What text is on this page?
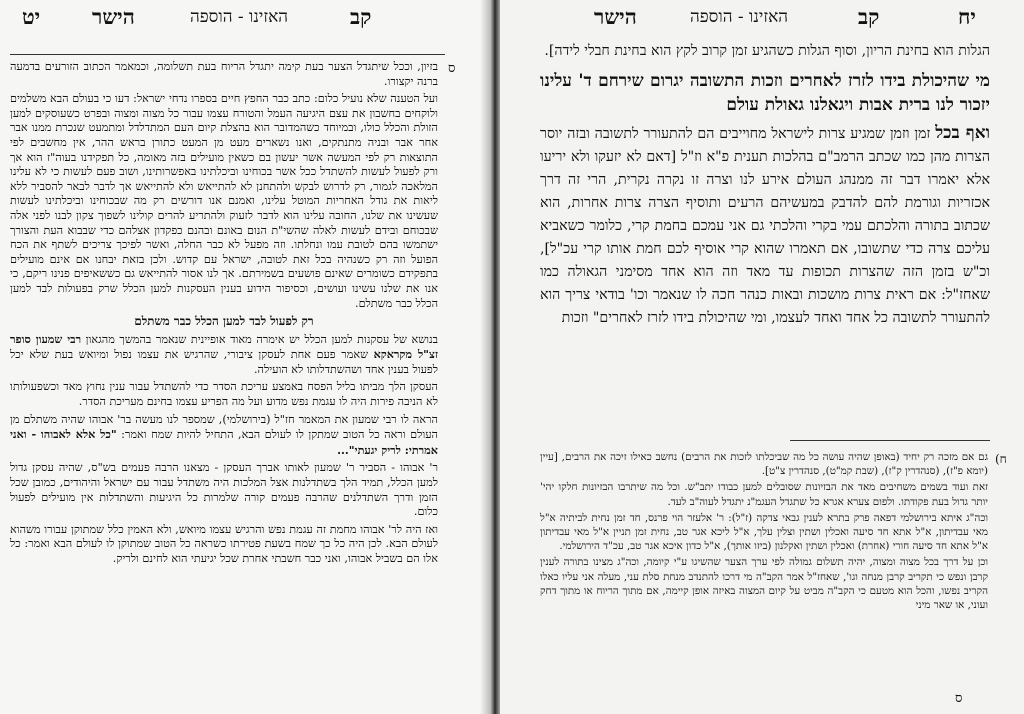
יט הישר	האזינו - הוספה	קב
ס

בזיון, וככל שיתגדל הצער בעת קימה יתגדל הריוח בעת תשלומה, וכמאמר הכתוב הזורעים בדמעה ברנה יקצורו.

ועל הטענה שלא נועיל כלום: כתב כבר החפץ חיים בספרו נדחי ישראל: דעו כי בעולם הבא משלמים ולוקחים בחשבון את עצם היגיעה העמל והטורח עצמו עבור כל מצוה ומצוה ובפרט כשעוסקים למען הזולת והכלל כולו, ובמיוחד כשהמדובר הוא בהצלת קיום העם המתדלדל ומתמעט שנכרת ממנו אבר אחר אבר ובניה מתנתקים, ואנו נשארים מעט מן המעט כתורן בראש ההר, אין מחשבים לפי התוצאות רק לפי המעשה אשר יעשון בם כשאין מועילים בזה מאומה, כל תפקידנו בעוה"ז הוא אך ורק לפעול לעשות להשתדל ככל אשר בכוחינו וביכלתינו באפשרותינו, ושוב פעם לעשות כי לא עלינו המלאכה לגמור, רק לדרוש לבקש ולהתחנן לא להתייאש ולא להתייאש אך לדבר לבאר להסביר ללא ליאות את גודל האחריות המוטל עלינו, ואמנם אנו דורשים רק מה שבכוחינו וביכלתינו לעשות שעשינו את שלנו, החובה עלינו הוא לדבר לזעוק ולהתריע להרים קולינו לשפוך צקון לבנו לפני אלה שבכוחם ובידם לעשות לאלה שהשי"ת הנום באונם ובהנם כפקדון אצלהם כדי שבבוא העת והצורך ישתמשו בהם לטובת עמו ונחלתו. וזה מפעל לא כבר החלה, ואשר לפיכך צריכים לשתף את הכח הפועל וזה רק כשנהיה בכל זאת לטובה, ישראל עם קדוש. ולכן בזאת יבחנו אם אינם מועילים בתפקידם כשומרים שאינם פושעים בשמירתם. אך לנו אסור להתייאש גם כששאיפים פנינו ריקם, כי אנו את שלנו עשינו ועושים, וכסיפור הידוע בענין העסקנות למען הכלל שרק בפעולות לבד למען הכלל כבר משתלם.

רק לפעול לבד למען הכלל כבר משתלם

בנושא של עסקנות למען הכלל יש אימרה מאוד אופיינית שנאמר בהמשך מהגאון רבי שמעון סופר זצ"ל מקראקא שאמר פעם אחת לעסקן ציבורי, שהרגיש את עצמו נפול ומיואש בעת שלא יכל לפעול בענין אחד ושהשתדלותו לא הועילה.

העסקן הלך מביתו בליל הפסח באמצע עריכת הסדר כדי להשתדל עבור ענין נחוץ מאד וכשפעולותו לא הניבה פירות היה לו עגמת נפש מדוע ועל מה הפריע עצמו בחינם מעריכת הסדר.

הראה לו רבי שמעון את המאמר חז"ל (בירושלמי), שמספר לנו מעשה בר' אבוהו שהיה משתלם מן העולם וראה כל הטוב שמתקן לו לעולם הבא, התחיל להיות שמח ואמר: "כל אלא לאבוהו - ואני אמרתי: לריק יגעתי"...

ר' אבוהו - הסביר ר' שמעון לאותו אברך העסקן - מצאנו הרבה פעמים בש"ס, שהיה עסקן גדול למען הכלל, תמיד הלך בשתדלנות אצל המלכות היה משתדל עבור עם ישראל והיהודים, כמובן שכל הזמן ודרך השתדלנים שהרבה פעמים קורה שלמרות כל היגיעות והשתדלות אין מועילים לפעול כלום.

ואז היה לר' אבוהו מחמת זה עגמת נפש והרגיש עצמו מיואש, ולא האמין כלל שמתוקן עבורו משהוא לעולם הבא. לכן היה כל כך שמח בשעת פטירתו כשראה כל הטוב שמתוקן לו לעולם הבא ואמר: כל אלו הם בשביל אבוהו, ואני כבר חשבתי אחרת שכל יגיעתי הוא לחינם ולריק.

הישר	האזינו - הוספה	קב	יח

הגלות הוא בחינת הריון, וסוף הגלות כשהגיע זמן קרוב לקץ הוא בחינת חבלי לידה].

מי שהיכולת בידו לזרז לאחרים וזכות התשובה יגרום שירחם ד' עלינו יזכור לנו ברית אבות ויגאלנו גאולת עולם

ואף בכל זמן וזמן שמגיע צרות לישראל מחוייבים הם להתעורר לתשובה ובזה יוסר הצרות מהן כמו שכתב הרמב"ם בהלכות תענית פ"א וז"ל [דאם לא יזעקו ולא יריעו אלא יאמרו דבר זה ממנהג העולם אירע לנו וצרה זו נקרה נקרית, הרי זה דרך אכזריות וגורמת להם להדבק במעשיהם הרעים ותוסיף הצרה צרות אחרות, הוא שכתוב בתורה והלכתם עמי בקרי והלכתי גם אני עמכם בחמת קרי, כלומר כשאביא עליכם צרה כדי שתשובו, אם תאמרו שהוא קרי אוסיף לכם חמת אותו קרי עכ"ל], וכ"ש בזמן הזה שהצרות תכופות עד מאד וזה הוא אחד מסימני הגאולה כמו שאחז"ל: אם ראית צרות מושכות ובאות כנהר חכה לו שנאמר וכו' בודאי צריך הוא להתעורר לתשובה כל אחד ואחד לעצמו, ומי שהיכולת בידו לזרז לאחרים" וזכות

ח)

גם אם מזכה רק יחיד (באופן שהיה עושה כל מה שביכלתו לזכות את הרבים) נחשב כאילו זיכה את הרבים, [עיין (יומא פ"ז), (סנהדרין ק"ז), (שבת קמ"ט), סנהדרין צ"ט].

זאת ועוד בשמים משחיבים מאד את הבזיונות שסובלים למען כבודו יתב"ש. וכל מה שיתרבו הבזיונות חלקו יהי' יותר גדול בעת פקודתו. ולפום צערא אגרא כל שתגדל העגמ"נ יתגדל לעוה"ב לעד.

וכה"ג איתא בירושלמי דפאה פרק בתרא לענין גבאי צדקה (ז"ל): ר' אלעזר הוי פרנס, חד זמן נחית לביתיה א"ל מאי עבדיתון, א"ל אתא חד סיעה ואכלין ושתין וצלין עלך, א"ל ליכא אגר טב, נחית זמן תניין א"ל מאי עבדיתון א"ל אתא חד סיעה חורי (אחרת) ואכלין ושתין ואקלנון (ביזו אותך), א"ל כדון איכא אגר טב, עכ"ד הירושלמי.

וכן על דרך בכל מצוה ומצוה, יהיה תשלום גמולה לפי ערך הצער שהשיגו ע"י קיומה, וכה"ג מצינו בתורה לענין קרבן ונפש כי תקריב קרבן מנחה וגו', שאחז"ל אמר הקב"ה מי דרכו להתנדב מנחת סלת עני, מעלה אני עליו כאלו הקריב נפשו, והכל הוא מטעם כי הקב"ה מביט על קיום המצוה באיזה אופן קיימה, אם מתוך הריוח או מתוך דחק ועוני, או שאר מיני

ס
